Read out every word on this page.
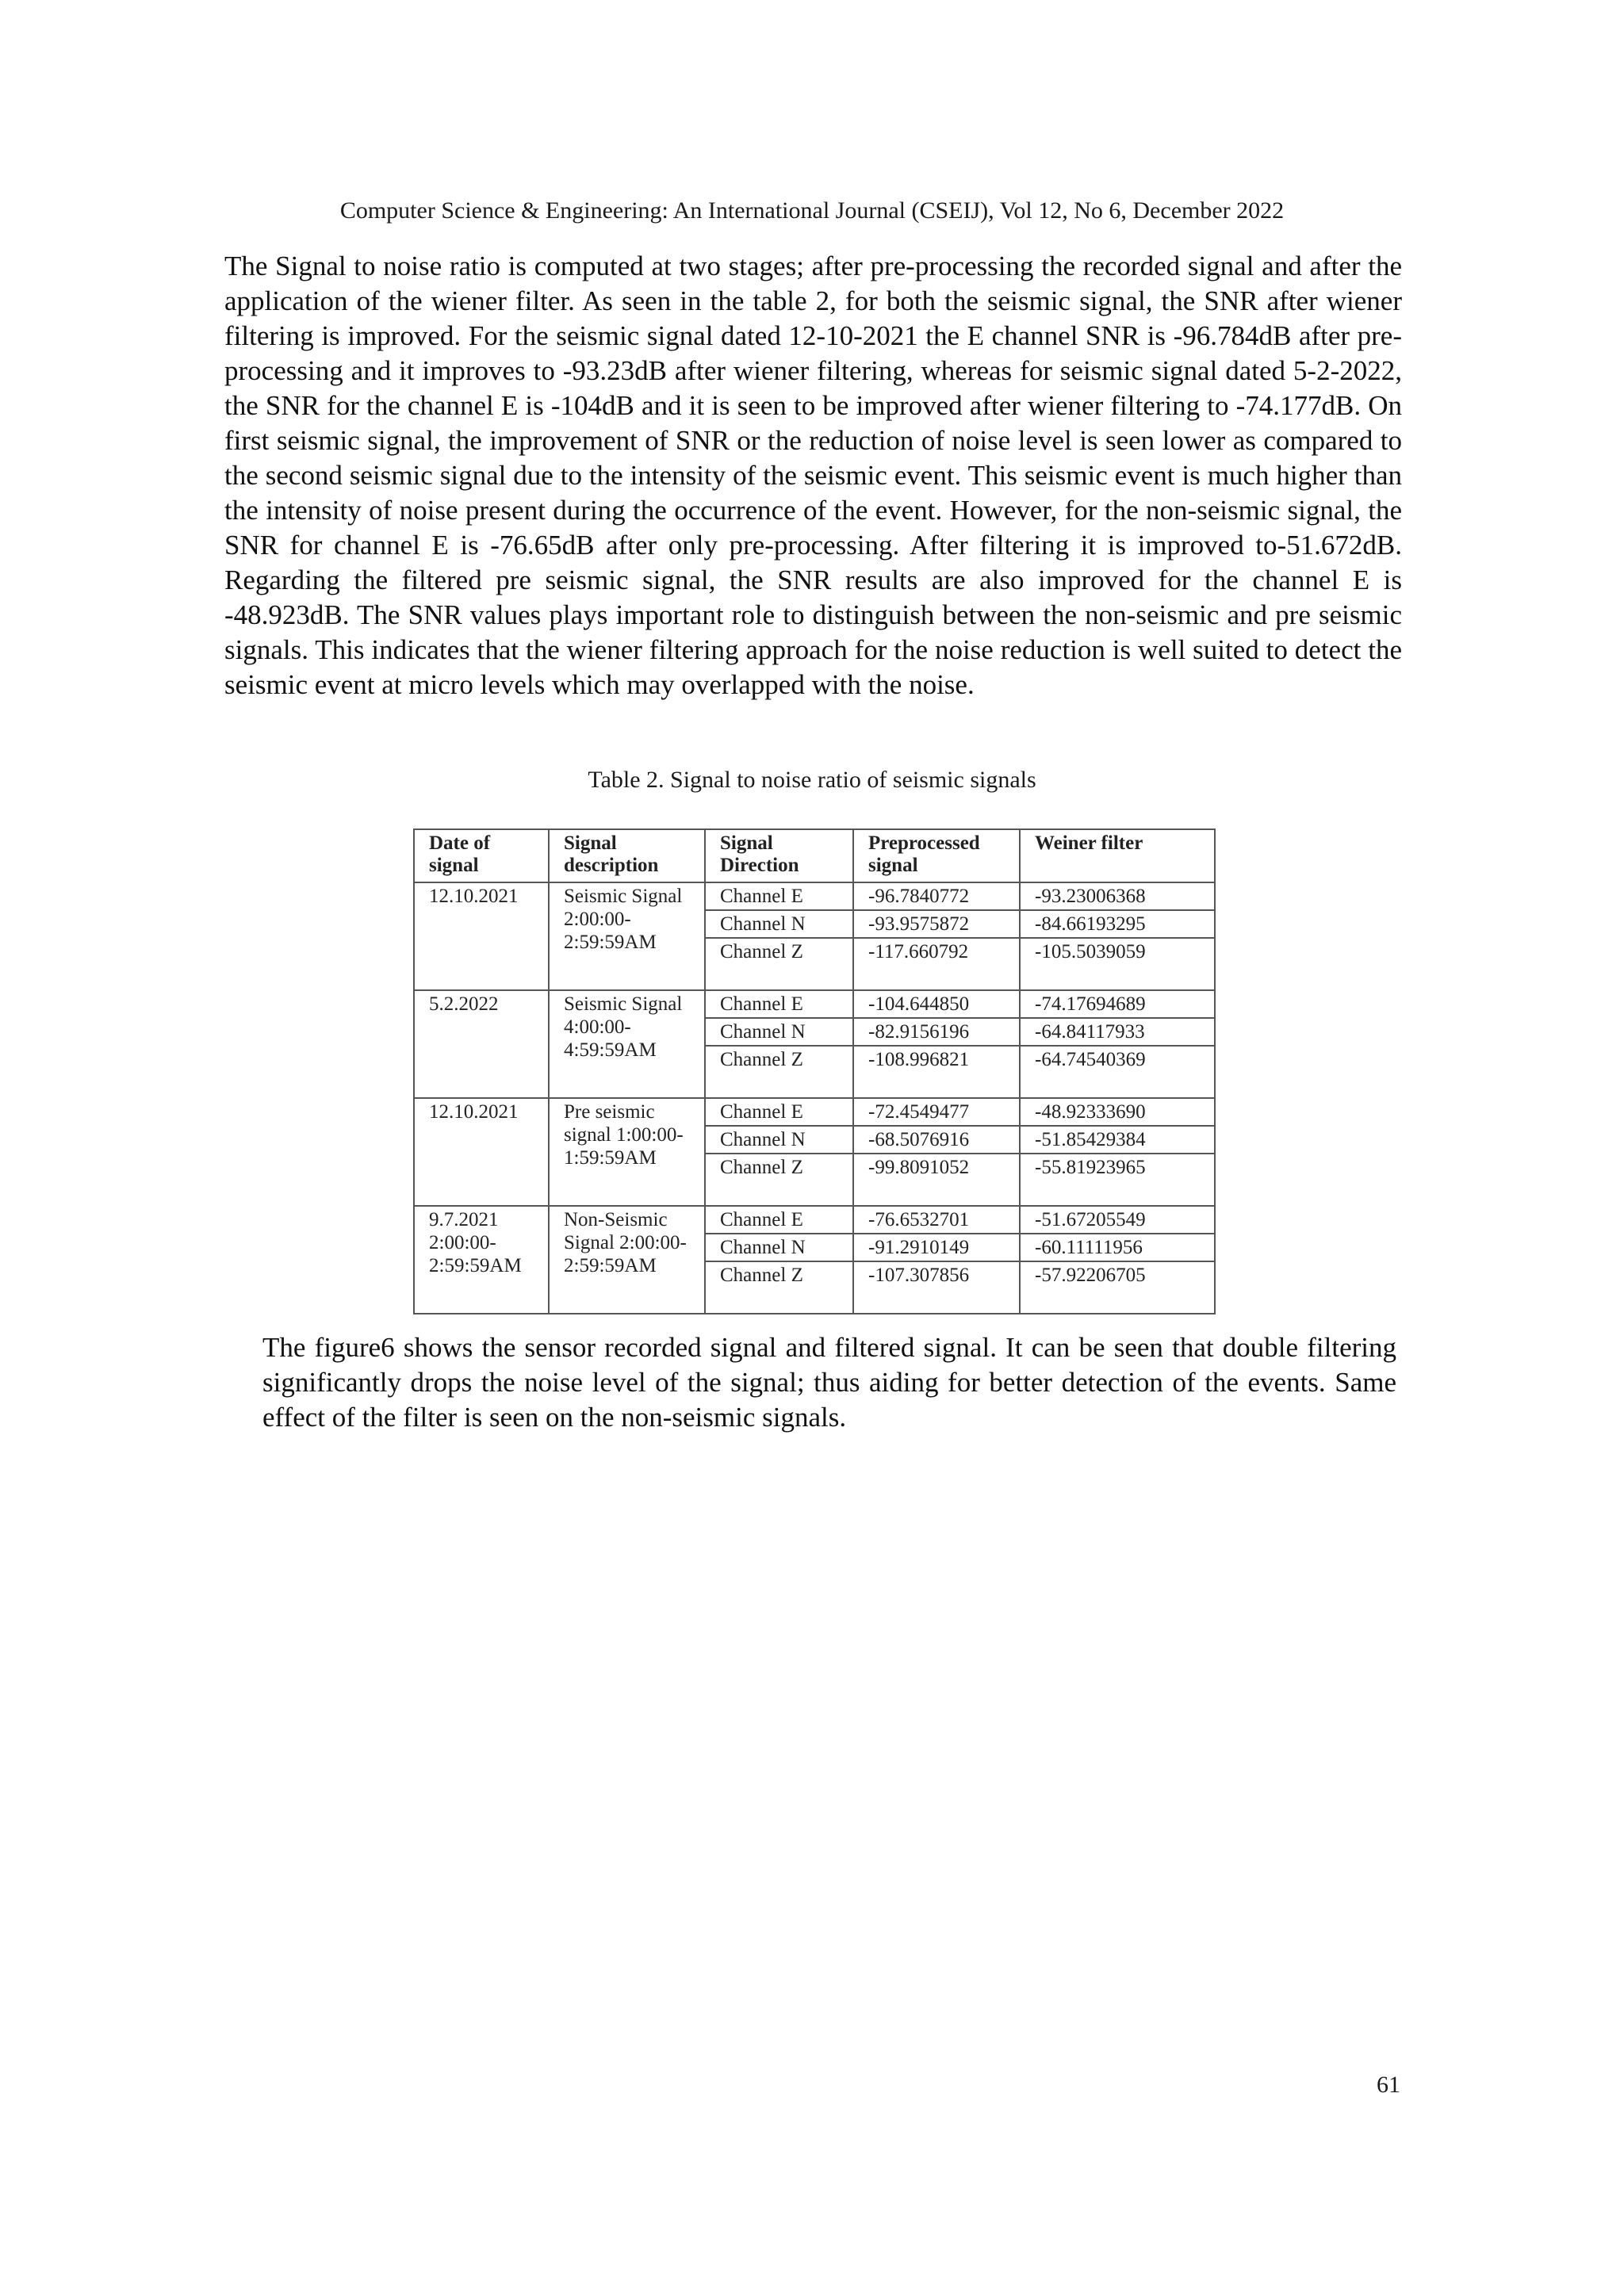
Computer Science & Engineering: An International Journal (CSEIJ), Vol 12, No 6, December 2022

The Signal to noise ratio is computed at two stages; after pre-processing the recorded signal and after the application of the wiener filter. As seen in the table 2, for both the seismic signal, the SNR after wiener filtering is improved. For the seismic signal dated 12-10-2021 the E channel SNR is -96.784dB after pre-processing and it improves to -93.23dB after wiener filtering, whereas for seismic signal dated 5-2-2022, the SNR for the channel E is -104dB and it is seen to be improved after wiener filtering to -74.177dB. On first seismic signal, the improvement of SNR or the reduction of noise level is seen lower as compared to the second seismic signal due to the intensity of the seismic event. This seismic event is much higher than the intensity of noise present during the occurrence of the event. However, for the non-seismic signal, the SNR for channel E is -76.65dB after only pre-processing. After filtering it is improved to-51.672dB. Regarding the filtered pre seismic signal, the SNR results are also improved for the channel E is -48.923dB. The SNR values plays important role to distinguish between the non-seismic and pre seismic signals. This indicates that the wiener filtering approach for the noise reduction is well suited to detect the seismic event at micro levels which may overlapped with the noise.

Table 2. Signal to noise ratio of seismic signals
Date of signal	Signal description	Signal Direction	Preprocessed signal	Weiner filter
12.10.2021	Seismic Signal 2:00:00-2:59:59AM	Channel E	-96.7840772	-93.23006368
		Channel N	-93.9575872	-84.66193295
		Channel Z	-117.660792	-105.5039059
5.2.2022	Seismic Signal 4:00:00-4:59:59AM	Channel E	-104.644850	-74.17694689
		Channel N	-82.9156196	-64.84117933
		Channel Z	-108.996821	-64.74540369
12.10.2021	Pre seismic signal 1:00:00-1:59:59AM	Channel E	-72.4549477	-48.92333690
		Channel N	-68.5076916	-51.85429384
		Channel Z	-99.8091052	-55.81923965
9.7.2021 2:00:00-2:59:59AM	Non-Seismic Signal 2:00:00-2:59:59AM	Channel E	-76.6532701	-51.67205549
		Channel N	-91.2910149	-60.11111956
		Channel Z	-107.307856	-57.92206705

The figure6 shows the sensor recorded signal and filtered signal. It can be seen that double filtering significantly drops the noise level of the signal; thus aiding for better detection of the events. Same effect of the filter is seen on the non-seismic signals.

61
